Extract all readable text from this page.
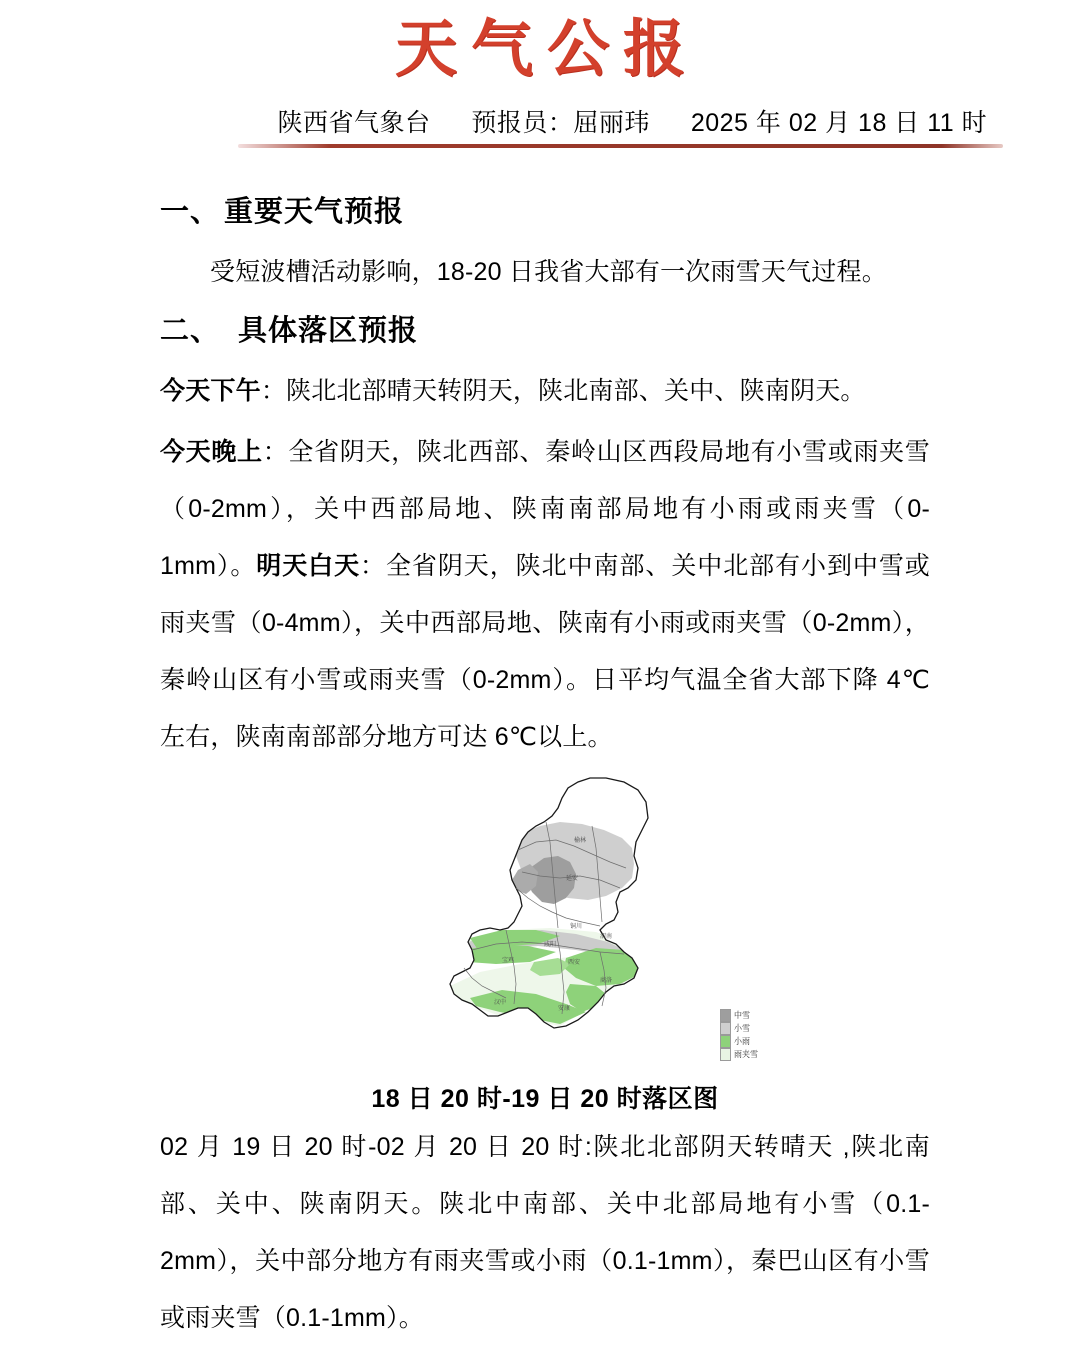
天气公报
陕西省气象台 预报员：屈丽玮 2025 年 02 月 18 日 11 时
一、 重要天气预报

受短波槽活动影响，18-20 日我省大部有一次雨雪天气过程。

二、 具体落区预报

今天下午：陕北北部晴天转阴天，陕北南部、关中、陕南阴天。

今天晚上：全省阴天，陕北西部、秦岭山区西段局地有小雪或雨夹雪（0-2mm），关中西部局地、陕南南部局地有小雨或雨夹雪（0-1mm）。明天白天：全省阴天，陕北中南部、关中北部有小到中雪或雨夹雪（0-4mm），关中西部局地、陕南有小雨或雨夹雪（0-2mm），秦岭山区有小雪或雨夹雪（0-2mm）。日平均气温全省大部下降 4℃左右，陕南南部部分地方可达 6℃以上。

榆林
延安
铜川
渭南
咸阳
宝鸡	西安
商洛
安康
汉中
中雪
小雪
小雨
雨夹雪
18 日 20 时-19 日 20 时落区图

02 月 19 日 20 时-02 月 20 日 20 时:陕北北部阴天转晴天 ,陕北南部、关中、陕南阴天。陕北中南部、关中北部局地有小雪（0.1-2mm），关中部分地方有雨夹雪或小雨（0.1-1mm），秦巴山区有小雪或雨夹雪（0.1-1mm）。
